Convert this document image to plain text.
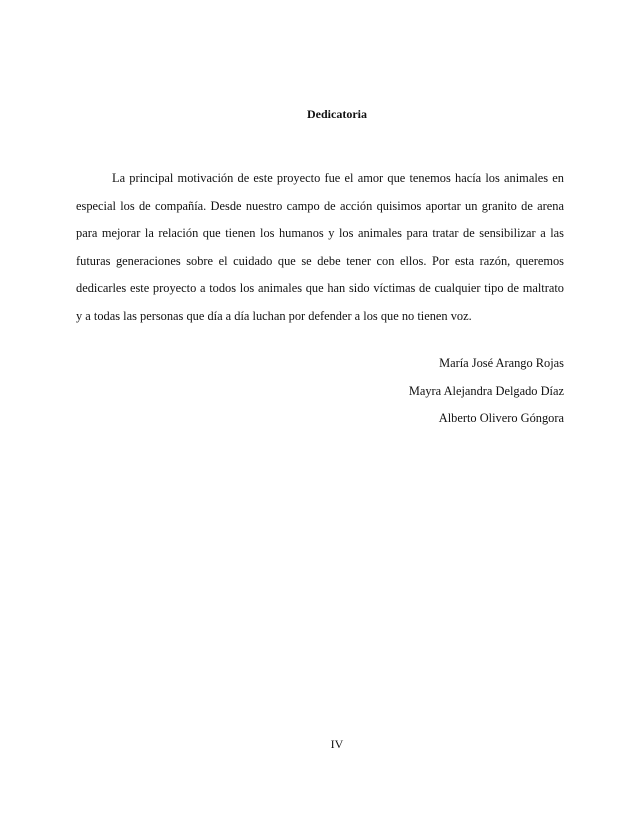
Dedicatoria

La principal motivación de este proyecto fue el amor que tenemos hacía los animales en
especial los de compañía. Desde nuestro campo de acción quisimos aportar un granito de arena
para mejorar la relación que tienen los humanos y los animales para tratar de sensibilizar a las
futuras generaciones sobre el cuidado que se debe tener con ellos. Por esta razón, queremos
dedicarles este proyecto a todos los animales que han sido víctimas de cualquier tipo de maltrato
y a todas las personas que día a día luchan por defender a los que no tienen voz.

María José Arango Rojas
Mayra Alejandra Delgado Díaz
Alberto Olivero Góngora
IV
